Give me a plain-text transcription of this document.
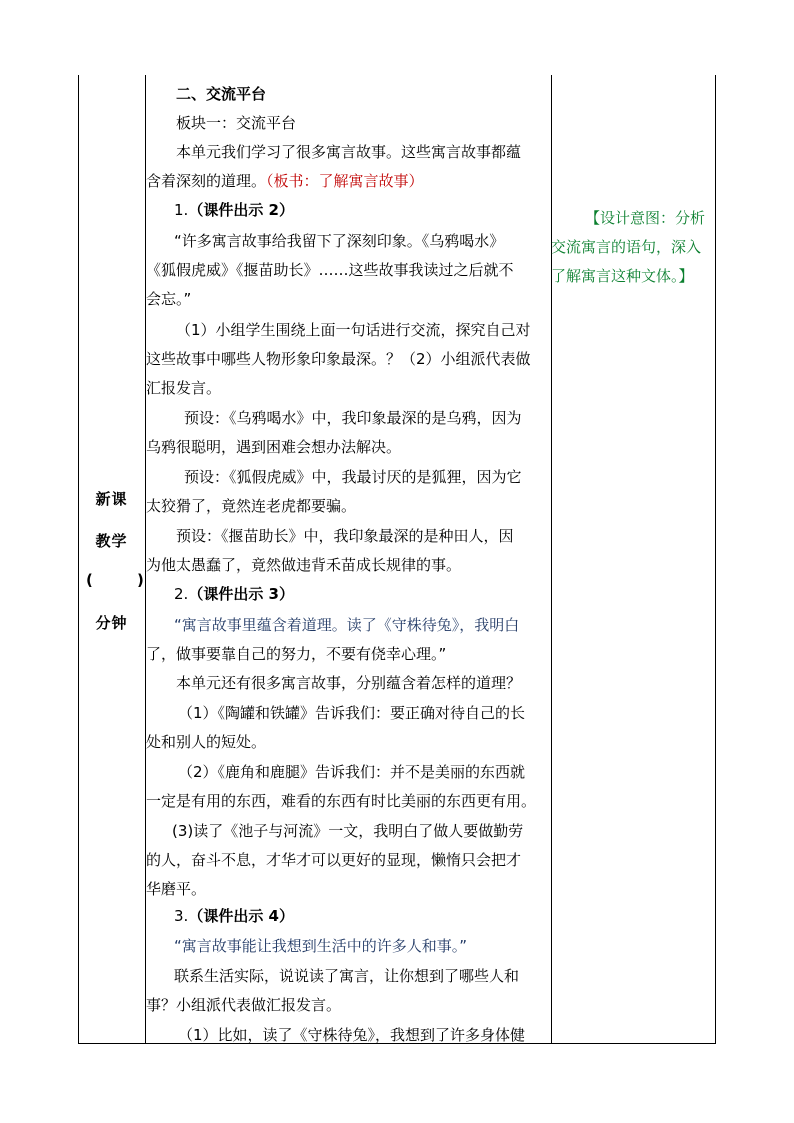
新课
教学
(	)
分钟
二、交流平台
板块一：交流平台
本单元我们学习了很多寓言故事。这些寓言故事都蕴
含着深刻的道理。（板书：了解寓言故事）
1.（课件出示 2）
“许多寓言故事给我留下了深刻印象。《乌鸦喝水》
《狐假虎威》《揠苗助长》……这些故事我读过之后就不
会忘。”
（1）小组学生围绕上面一句话进行交流，探究自己对
这些故事中哪些人物形象印象最深。？（2）小组派代表做
汇报发言。
预设：《乌鸦喝水》中，我印象最深的是乌鸦，因为
乌鸦很聪明，遇到困难会想办法解决。
预设：《狐假虎威》中，我最讨厌的是狐狸，因为它
太狡猾了，竟然连老虎都要骗。
预设：《揠苗助长》中，我印象最深的是种田人，因
为他太愚蠢了，竟然做违背禾苗成长规律的事。
2.（课件出示 3）
“寓言故事里蕴含着道理。读了《守株待兔》，我明白
了，做事要靠自己的努力，不要有侥幸心理。”
本单元还有很多寓言故事，分别蕴含着怎样的道理？
（1）《陶罐和铁罐》告诉我们：要正确对待自己的长
处和别人的短处。
（2）《鹿角和鹿腿》告诉我们：并不是美丽的东西就
一定是有用的东西，难看的东西有时比美丽的东西更有用。
(3)读了《池子与河流》一文，我明白了做人要做勤劳
的人，奋斗不息，才华才可以更好的显现，懒惰只会把才
华磨平。
3.（课件出示 4）
“寓言故事能让我想到生活中的许多人和事。”
联系生活实际，说说读了寓言，让你想到了哪些人和
事？小组派代表做汇报发言。
（1）比如，读了《守株待兔》，我想到了许多身体健
【设计意图：分析
交流寓言的语句，深入
了解寓言这种文体。】
